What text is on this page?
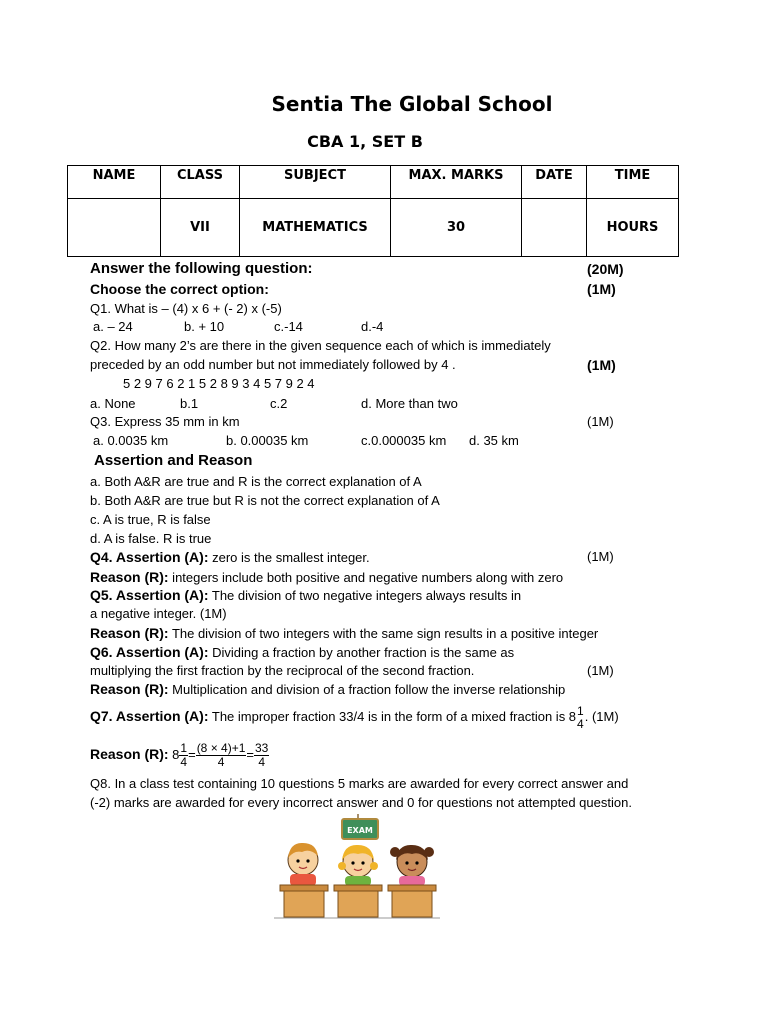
Sentia The Global School
CBA 1, SET B
NAME	CLASS	SUBJECT	MAX. MARKS	DATE	TIME
	VII	MATHEMATICS	30		HOURS
Answer the following question:	(20M)
Choose the correct option:	(1M)
Q1. What is – (4) x 6 + (- 2) x (-5)
a. – 24	b. + 10	c.-14	d.-4
Q2. How many 2’s are there in the given sequence each of which is immediately
preceded by an odd number but not immediately followed by 4 .	(1M)
5 2 9 7 6 2 1 5 2 8 9 3 4 5 7 9 2 4
a. None	b.1	c.2	d. More than two
Q3. Express 35 mm in km	(1M)
a. 0.0035 km	b. 0.00035 km	c.0.000035 km d. 35 km
Assertion and Reason
a. Both A&R are true and R is the correct explanation of A
b. Both A&R are true but R is not the correct explanation of A
c. A is true, R is false
d. A is false. R is true
Q4. Assertion (A): zero is the smallest integer.	(1M)
Reason (R): integers include both positive and negative numbers along with zero
Q5. Assertion (A): The division of two negative integers always results in
a negative integer. (1M)
Reason (R): The division of two integers with the same sign results in a positive integer
Q6. Assertion (A): Dividing a fraction by another fraction is the same as
multiplying the first fraction by the reciprocal of the second fraction.	(1M)
Reason (R): Multiplication and division of a fraction follow the inverse relationship
Q7. Assertion (A): The improper fraction 33/4 is in the form of a mixed fraction is 8 1
4 . (1M)
Reason (R): $8 \frac{1}{4} = \frac{(8 \times 4)+1}{4} = \frac{33}{4}$
Q8. In a class test containing 10 questions 5 marks are awarded for every correct answer and
(-2) marks are awarded for every incorrect answer and 0 for questions not attempted question.
EXAM
